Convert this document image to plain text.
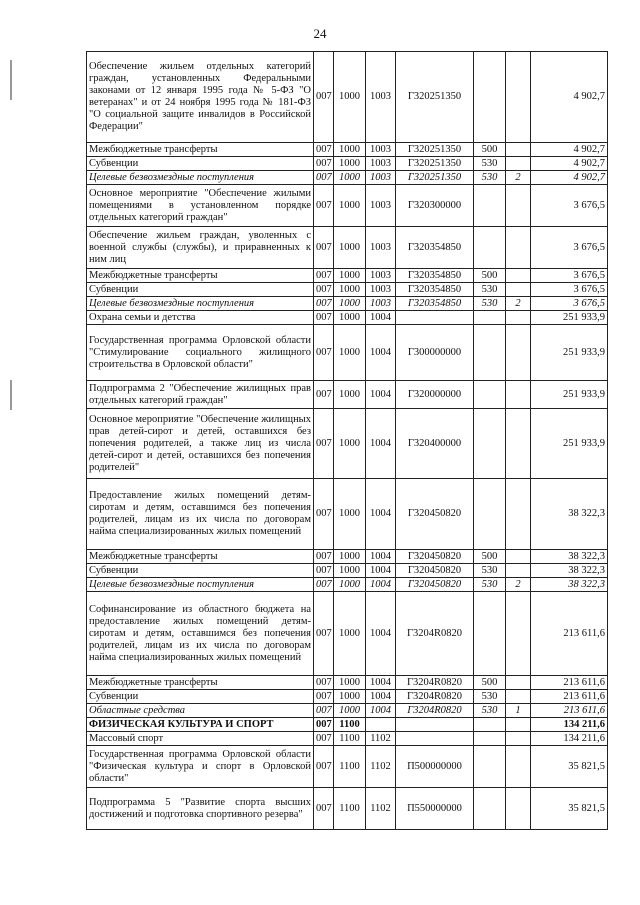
24
Обеспечение жильем отдельных категорий граждан, установленных Федеральными законами от 12 января 1995 года № 5-ФЗ "О ветеранах" и от 24 ноября 1995 года № 181-ФЗ "О социальной защите инвалидов в Российской Федерации"	007	1000	1003	Г320251350			4 902,7
Межбюджетные трансферты	007	1000	1003	Г320251350	500		4 902,7
Субвенции	007	1000	1003	Г320251350	530		4 902,7
Целевые безвозмездные поступления	007	1000	1003	Г320251350	530	2	4 902,7
Основное мероприятие "Обеспечение жилыми помещениями в установленном порядке отдельных категорий граждан"	007	1000	1003	Г320300000			3 676,5
Обеспечение жильем граждан, уволенных с военной службы (службы), и приравненных к ним лиц	007	1000	1003	Г320354850			3 676,5
Межбюджетные трансферты	007	1000	1003	Г320354850	500		3 676,5
Субвенции	007	1000	1003	Г320354850	530		3 676,5
Целевые безвозмездные поступления	007	1000	1003	Г320354850	530	2	3 676,5
Охрана семьи и детства	007	1000	1004				251 933,9
Государственная программа Орловской области "Стимулирование социального жилищного строительства в Орловской области"	007	1000	1004	Г300000000			251 933,9
Подпрограмма 2 "Обеспечение жилищных прав отдельных категорий граждан"	007	1000	1004	Г320000000			251 933,9
Основное мероприятие "Обеспечение жилищных прав детей-сирот и детей, оставшихся без попечения родителей, а также лиц из числа детей-сирот и детей, оставшихся без попечения родителей"	007	1000	1004	Г320400000			251 933,9
Предоставление жилых помещений детям-сиротам и детям, оставшимся без попечения родителей, лицам из их числа по договорам найма специализированных жилых помещений	007	1000	1004	Г320450820			38 322,3
Межбюджетные трансферты	007	1000	1004	Г320450820	500		38 322,3
Субвенции	007	1000	1004	Г320450820	530		38 322,3
Целевые безвозмездные поступления	007	1000	1004	Г320450820	530	2	38 322,3
Софинансирование из областного бюджета на предоставление жилых помещений детям-сиротам и детям, оставшимся без попечения родителей, лицам из их числа по договорам найма специализированных жилых помещений	007	1000	1004	Г3204R0820			213 611,6
Межбюджетные трансферты	007	1000	1004	Г3204R0820	500		213 611,6
Субвенции	007	1000	1004	Г3204R0820	530		213 611,6
Областные средства	007	1000	1004	Г3204R0820	530	1	213 611,6
ФИЗИЧЕСКАЯ КУЛЬТУРА И СПОРТ	007	1100					134 211,6
Массовый спорт	007	1100	1102				134 211,6
Государственная программа Орловской области "Физическая культура и спорт в Орловской области"	007	1100	1102	П500000000			35 821,5
Подпрограмма 5 "Развитие спорта высших достижений и подготовка спортивного резерва"	007	1100	1102	П550000000			35 821,5
